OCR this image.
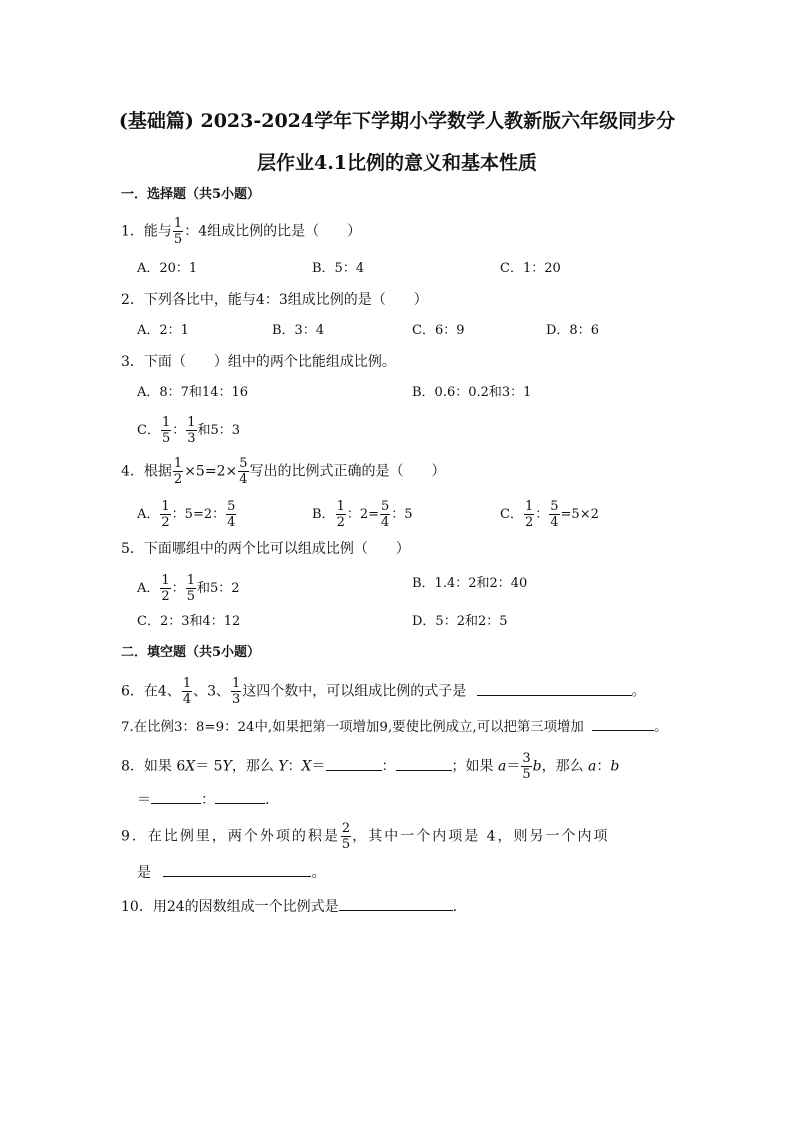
(基础篇) 2023-2024学年下学期小学数学人教新版六年级同步分
层作业4.1比例的意义和基本性质
一．选择题（共5小题）
1．能与 $\frac{1}{5}$ ：4组成比例的比是（　　）
A．20：1	B．5：4	C．1：20
2．下列各比中，能与4：3组成比例的是（　　）
A．2：1	B．3：4	C．6：9	D．8：6
3．下面（　　）组中的两个比能组成比例。
A．8：7和14：16	B．0.6：0.2和3：1
C． $\frac{1}{5}$ ： $\frac{1}{3}$ 和5：3
4．根据 $\frac{1}{2} \times 5=2\times \frac{5}{4}$ 写出的比例式正确的是（　　）
A． $\frac{1}{2}$ ：5=2： $\frac{5}{4}$	B． $\frac{1}{2}$ ：$2= \frac{5}{4}$ ：5	C． $\frac{1}{2}$ ： $\frac{5}{4} =5\times 2$
5．下面哪组中的两个比可以组成比例（　　）
A． $\frac{1}{2}$ ： $\frac{1}{5}$ 和5：2	B．1.4：2和2：40
C．2：3和4：12	D．5：2和2：5
二．填空题（共5小题）
6．在4、 $\frac{1}{4}$ 、3、 $\frac{1}{3}$ 这四个数中，可以组成比例的式子是	。
7.在比例3：8=9：24中,如果把第一项增加9,要使比例成立,可以把第三项增加	。
8．如果 6X＝ 5Y，那么 Y：X＝	：	；如果 $a= \frac{3}{5}$ b，那么 a：b
＝	：	.
9．在比例里，两个外项的积是 $\frac{2}{5}$ ，其中一个内项是 4，则另一个内项
是	。
10．用24的因数组成一个比例式是	.
